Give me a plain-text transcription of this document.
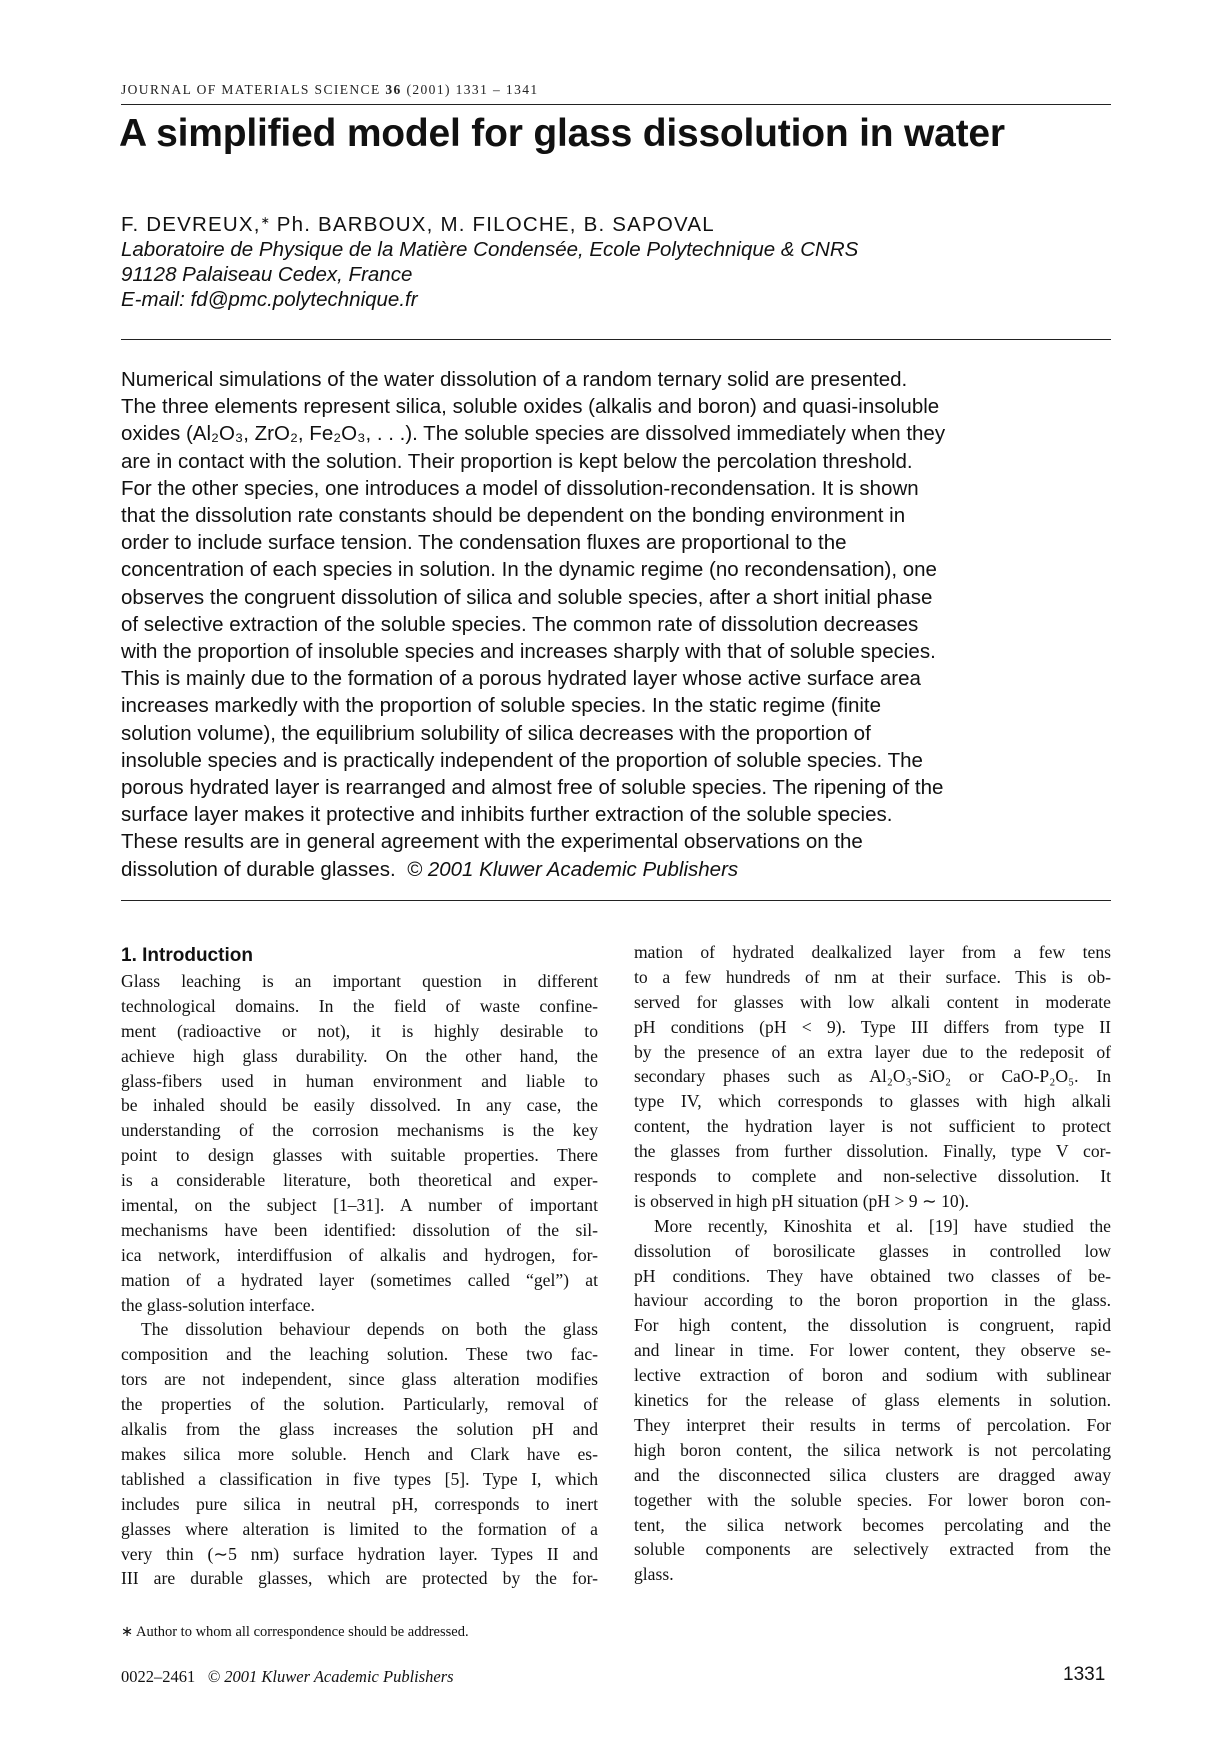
JOURNAL OF MATERIALS SCIENCE 36 (2001) 1331 – 1341
A simplified model for glass dissolution in water
F. DEVREUX,∗ Ph. BARBOUX, M. FILOCHE, B. SAPOVAL
Laboratoire de Physique de la Matière Condensée, Ecole Polytechnique & CNRS
91128 Palaiseau Cedex, France
E-mail: fd@pmc.polytechnique.fr
Numerical simulations of the water dissolution of a random ternary solid are presented.
The three elements represent silica, soluble oxides (alkalis and boron) and quasi-insoluble
oxides (Al₂O₃, ZrO₂, Fe₂O₃, . . .). The soluble species are dissolved immediately when they
are in contact with the solution. Their proportion is kept below the percolation threshold.
For the other species, one introduces a model of dissolution-recondensation. It is shown
that the dissolution rate constants should be dependent on the bonding environment in
order to include surface tension. The condensation fluxes are proportional to the
concentration of each species in solution. In the dynamic regime (no recondensation), one
observes the congruent dissolution of silica and soluble species, after a short initial phase
of selective extraction of the soluble species. The common rate of dissolution decreases
with the proportion of insoluble species and increases sharply with that of soluble species.
This is mainly due to the formation of a porous hydrated layer whose active surface area
increases markedly with the proportion of soluble species. In the static regime (finite
solution volume), the equilibrium solubility of silica decreases with the proportion of
insoluble species and is practically independent of the proportion of soluble species. The
porous hydrated layer is rearranged and almost free of soluble species. The ripening of the
surface layer makes it protective and inhibits further extraction of the soluble species.
These results are in general agreement with the experimental observations on the
dissolution of durable glasses. © 2001 Kluwer Academic Publishers
1. Introduction
Glass leaching is an important question in different
technological domains. In the field of waste confine-
ment (radioactive or not), it is highly desirable to
achieve high glass durability. On the other hand, the
glass-fibers used in human environment and liable to
be inhaled should be easily dissolved. In any case, the
understanding of the corrosion mechanisms is the key
point to design glasses with suitable properties. There
is a considerable literature, both theoretical and exper-
imental, on the subject [1–31]. A number of important
mechanisms have been identified: dissolution of the sil-
ica network, interdiffusion of alkalis and hydrogen, for-
mation of a hydrated layer (sometimes called “gel”) at
the glass-solution interface.
The dissolution behaviour depends on both the glass
composition and the leaching solution. These two fac-
tors are not independent, since glass alteration modifies
the properties of the solution. Particularly, removal of
alkalis from the glass increases the solution pH and
makes silica more soluble. Hench and Clark have es-
tablished a classification in five types [5]. Type I, which
includes pure silica in neutral pH, corresponds to inert
glasses where alteration is limited to the formation of a
very thin (∼5 nm) surface hydration layer. Types II and
III are durable glasses, which are protected by the for-
mation of hydrated dealkalized layer from a few tens
to a few hundreds of nm at their surface. This is ob-
served for glasses with low alkali content in moderate
pH conditions (pH < 9). Type III differs from type II
by the presence of an extra layer due to the redeposit of
secondary phases such as Al₂O₃-SiO₂ or CaO-P₂O₅. In
type IV, which corresponds to glasses with high alkali
content, the hydration layer is not sufficient to protect
the glasses from further dissolution. Finally, type V cor-
responds to complete and non-selective dissolution. It
is observed in high pH situation (pH > 9 ∼ 10).
More recently, Kinoshita et al. [19] have studied the
dissolution of borosilicate glasses in controlled low
pH conditions. They have obtained two classes of be-
haviour according to the boron proportion in the glass.
For high content, the dissolution is congruent, rapid
and linear in time. For lower content, they observe se-
lective extraction of boron and sodium with sublinear
kinetics for the release of glass elements in solution.
They interpret their results in terms of percolation. For
high boron content, the silica network is not percolating
and the disconnected silica clusters are dragged away
together with the soluble species. For lower boron con-
tent, the silica network becomes percolating and the
soluble components are selectively extracted from the
glass.
∗ Author to whom all correspondence should be addressed.
0022–2461 © 2001 Kluwer Academic Publishers	1331
